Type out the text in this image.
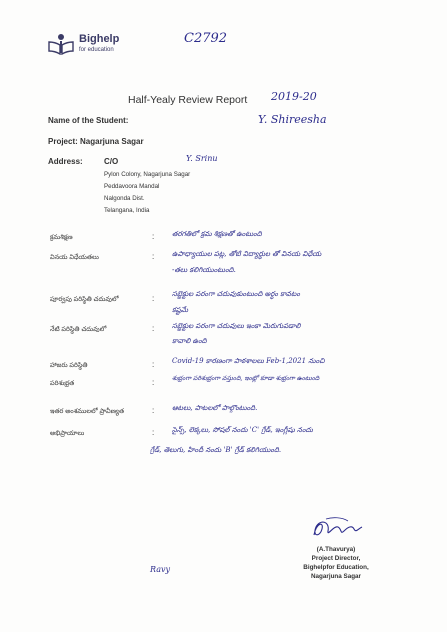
Bighelp
for education
C2792
Half-Yealy Review Report 2019-20
Name of the Student:	Y. Shireesha
Project: Nagarjuna Sagar
Address:	C/O	Y. Srinu
Pylon Colony, Nagarjuna Sagar
Peddavoora Mandal
Nalgonda Dist.
Telangana, India
క్రమశిక్షణ	:	తరగతిలో క్రమ శిక్షణతో ఉంటుంది
వినయ విధేయతలు	:	ఉపాధ్యాయుల పట్ల, తోటి విద్యార్థుల తో వినయ విధేయ
-తలు కలిగియుంటుంది.
పూర్వపు పరిస్థితి చదువులో	:	సబ్జెక్టుల పరంగా చదువుకుంటుంది అర్థం కావటం
కష్టమే
నేటి పరిస్థితి చదువులో	:	సబ్జెక్టుల పరంగా చదువులు ఇంకా మెరుగుపడాలి
కావాలి ఉంది
హాజరు పరిస్థితి	:	Covid-19 కారణంగా పాఠశాలలు Feb-1,2021 నుంచి
పరిశుభ్రత	:	శుభ్రంగా పరిశుభ్రంగా వస్తుంది, ఇంట్లో కూడా శుభ్రంగా ఉంటుంది
ఇతర అంశములలో ప్రావీణ్యత	:	ఆటలు, పాటలలో పాల్గొంటుంది.
అభిప్రాయాలు	:	సైన్స్, లెక్కలు, సోషల్ నందు 'C' గ్రేడ్, ఇంగ్లీషు నందు
గ్రేడ్, తెలుగు, హిందీ నందు 'B' గ్రేడ్ కలిగియుంది.
(A.Thavurya)
Project Director,
Bighelpfor Education,
Nagarjuna Sagar
Ravy
